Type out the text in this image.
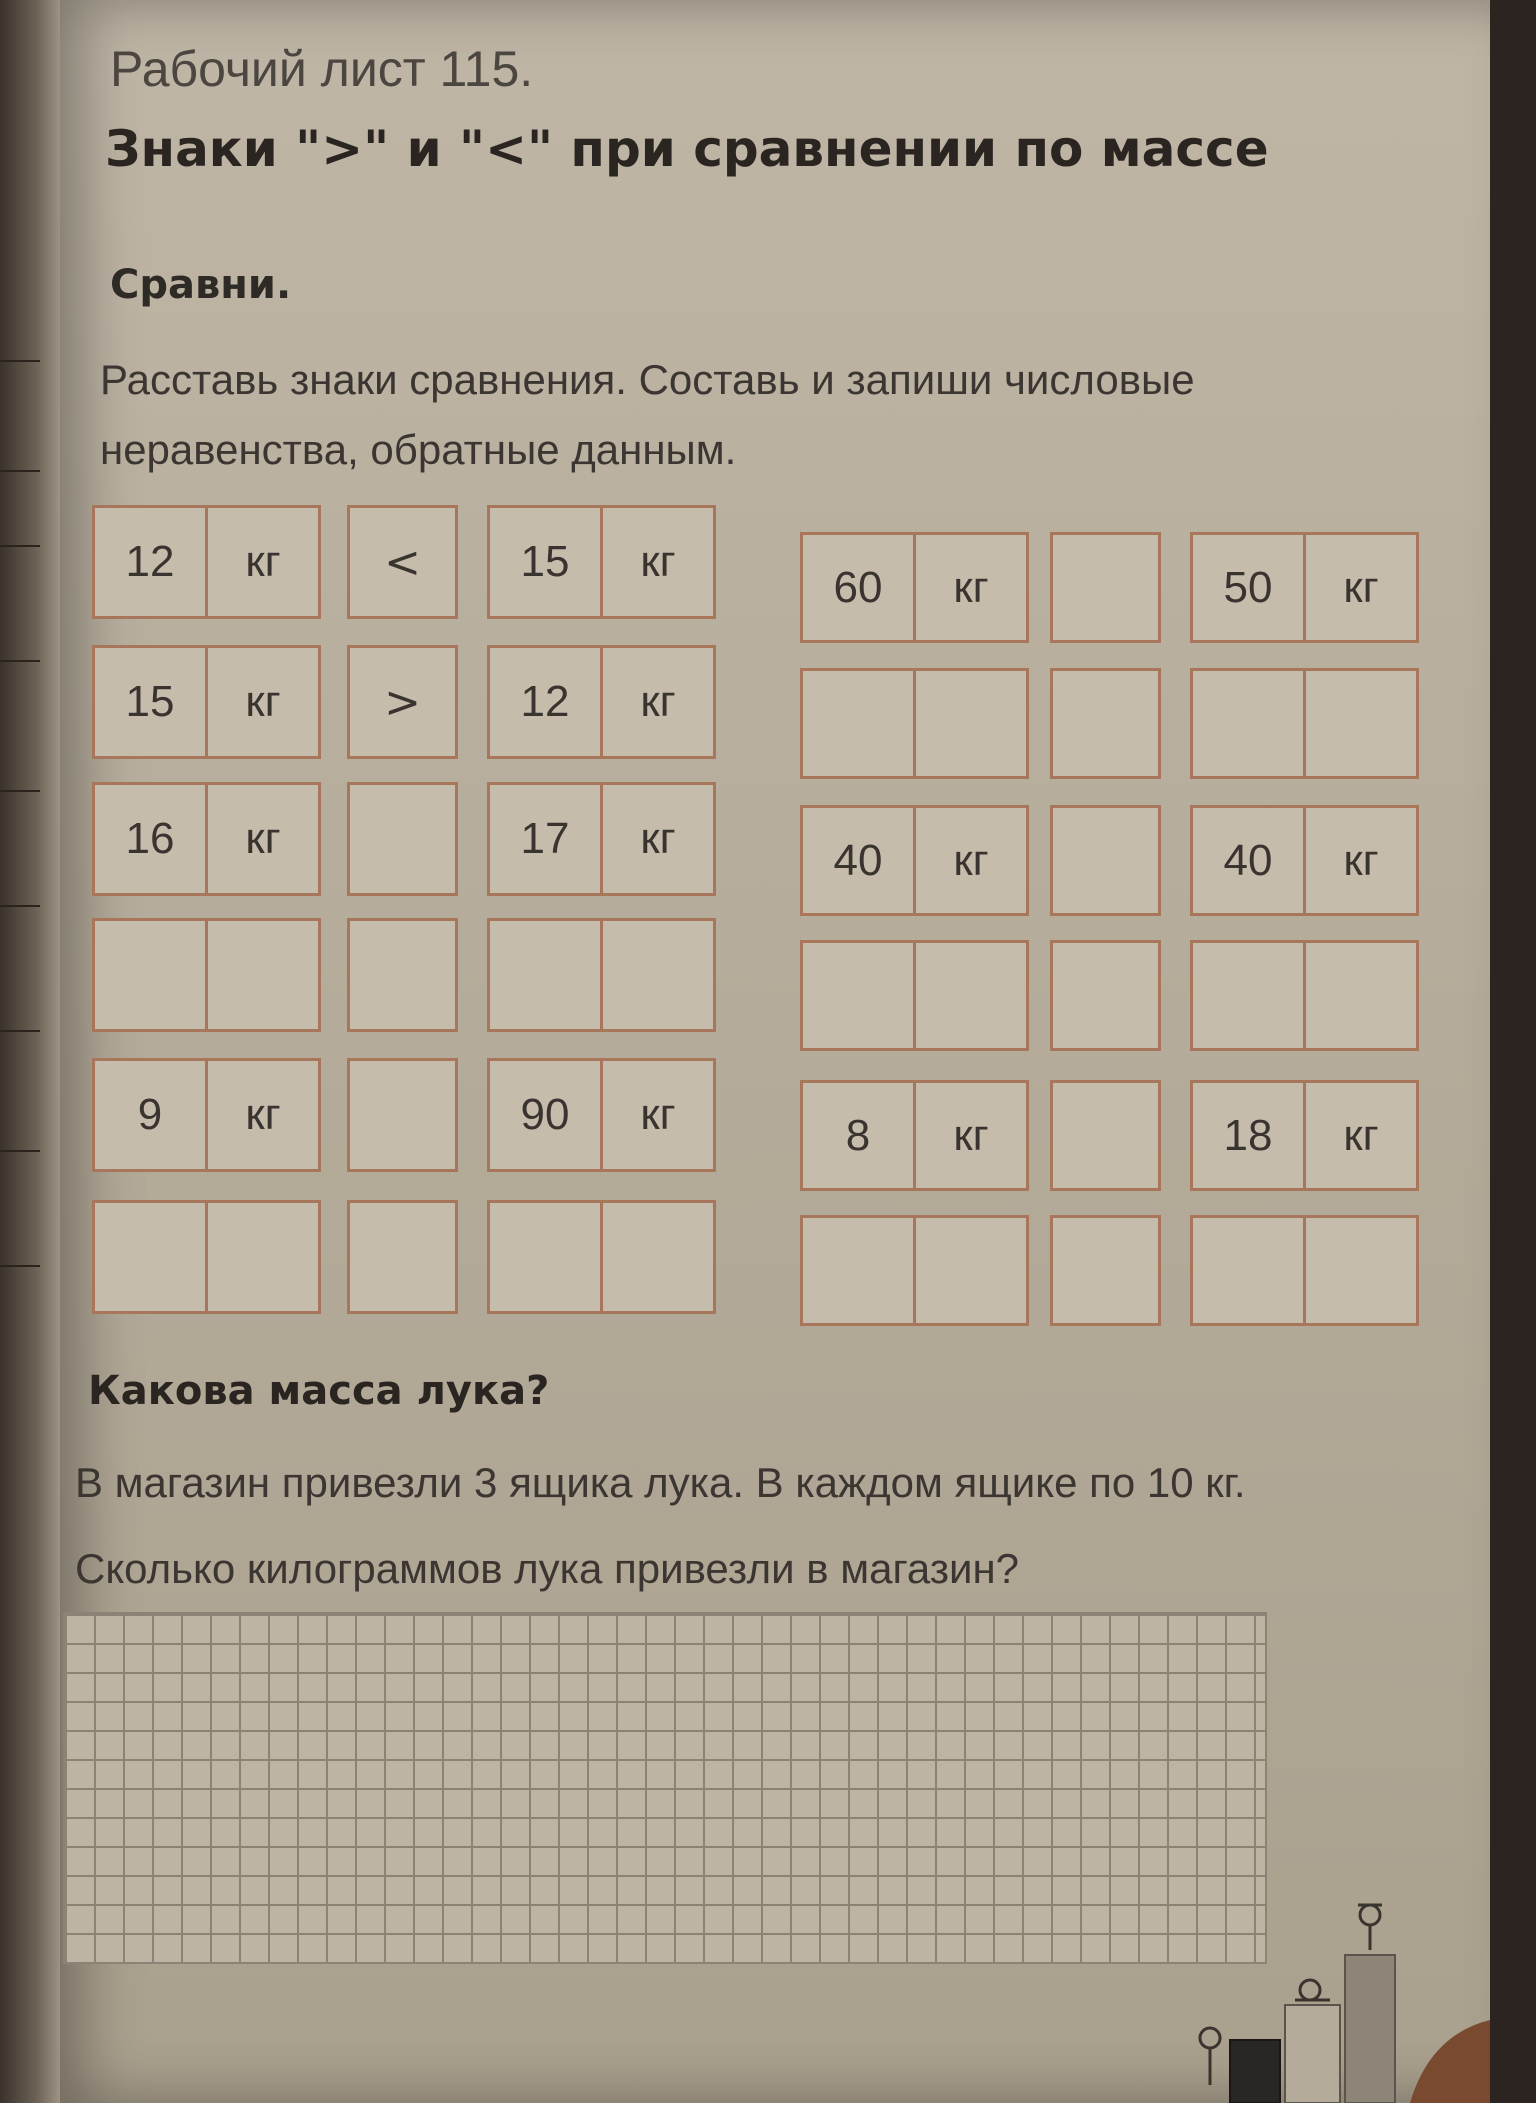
Рабочий лист 115.
Знаки ">" и "<" при сравнении по массе
Сравни.
Расставь знаки сравнения. Составь и запиши числовые неравенства, обратные данным.
12	кг	<	15	кг
15	кг	>	12	кг
16	кг	17	кг
9	кг	90	кг
60	кг	50	кг
40	кг	40	кг
8	кг	18	кг
Какова масса лука?
В магазин привезли 3 ящика лука. В каждом ящике по 10 кг.
Сколько килограммов лука привезли в магазин?
